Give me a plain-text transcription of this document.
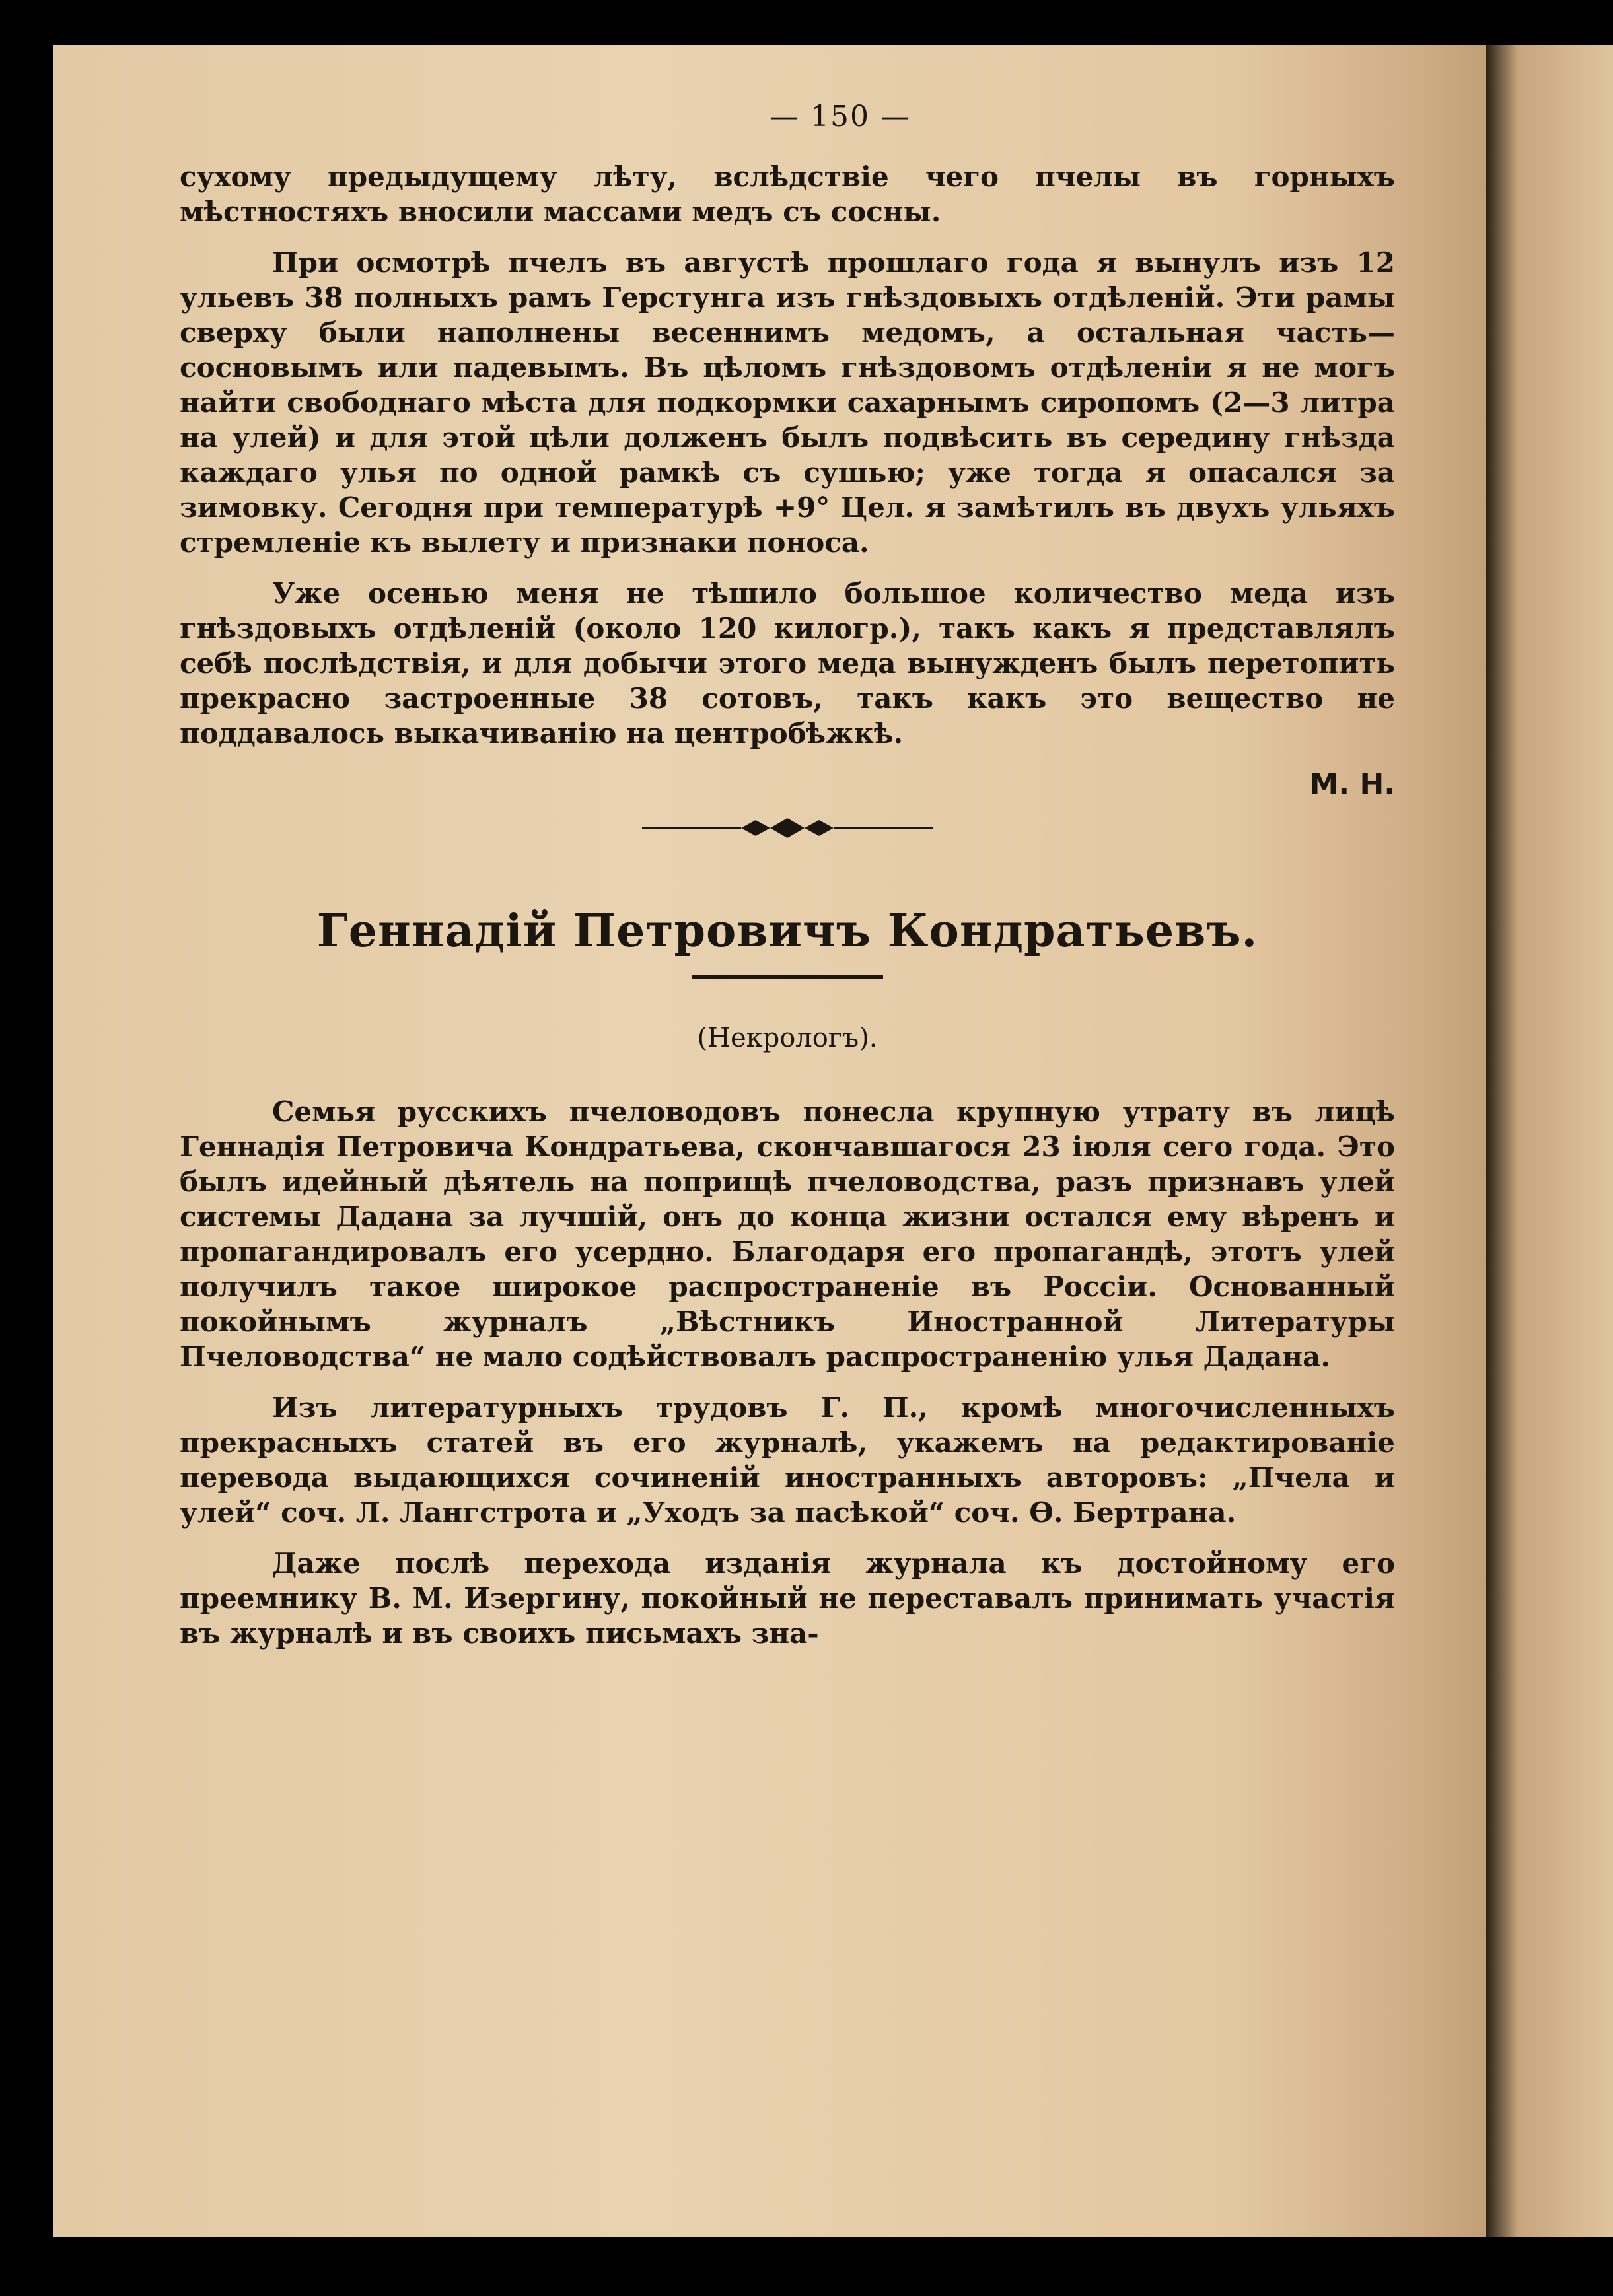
— 150 —

сухому предыдущему лѣту, вслѣдствіе чего пчелы въ горныхъ мѣстностяхъ вносили массами медъ съ сосны.

При осмотрѣ пчелъ въ августѣ прошлаго года я вынулъ изъ 12 ульевъ 38 полныхъ рамъ Герстунга изъ гнѣздовыхъ отдѣленій. Эти рамы сверху были наполнены весеннимъ медомъ, а остальная часть—сосновымъ или падевымъ. Въ цѣломъ гнѣздовомъ отдѣленіи я не могъ найти свободнаго мѣста для подкормки сахарнымъ сиропомъ (2—3 литра на улей) и для этой цѣли долженъ былъ подвѣсить въ середину гнѣзда каждаго улья по одной рамкѣ съ сушью; уже тогда я опасался за зимовку. Сегодня при температурѣ +9° Цел. я замѣтилъ въ двухъ ульяхъ стремленіе къ вылету и признаки поноса.

Уже осенью меня не тѣшило большое количество меда изъ гнѣздовыхъ отдѣленій (около 120 килогр.), такъ какъ я представлялъ себѣ послѣдствія, и для добычи этого меда вынужденъ былъ перетопить прекрасно застроенные 38 сотовъ, такъ какъ это вещество не поддавалось выкачиванію на центробѣжкѣ.

М. Н.
Геннадій Петровичъ Кондратьевъ.
(Некрологъ).

Семья русскихъ пчеловодовъ понесла крупную утрату въ лицѣ Геннадія Петровича Кондратьева, скончавшагося 23 іюля сего года. Это былъ идейный дѣятель на поприщѣ пчеловодства, разъ признавъ улей системы Дадана за лучшій, онъ до конца жизни остался ему вѣренъ и пропагандировалъ его усердно. Благодаря его пропагандѣ, этотъ улей получилъ такое широкое распространеніе въ Россіи. Основанный покойнымъ журналъ „Вѣстникъ Иностранной Литературы Пчеловодства“ не мало содѣйствовалъ распространенію улья Дадана.

Изъ литературныхъ трудовъ Г. П., кромѣ многочисленныхъ прекрасныхъ статей въ его журналѣ, укажемъ на редактированіе перевода выдающихся сочиненій иностранныхъ авторовъ: „Пчела и улей“ соч. Л. Лангстрота и „Уходъ за пасѣкой“ соч. Ѳ. Бертрана.

Даже послѣ перехода изданія журнала къ достойному его преемнику В. М. Изергину, покойный не переставалъ принимать участія въ журналѣ и въ своихъ письмахъ зна-
